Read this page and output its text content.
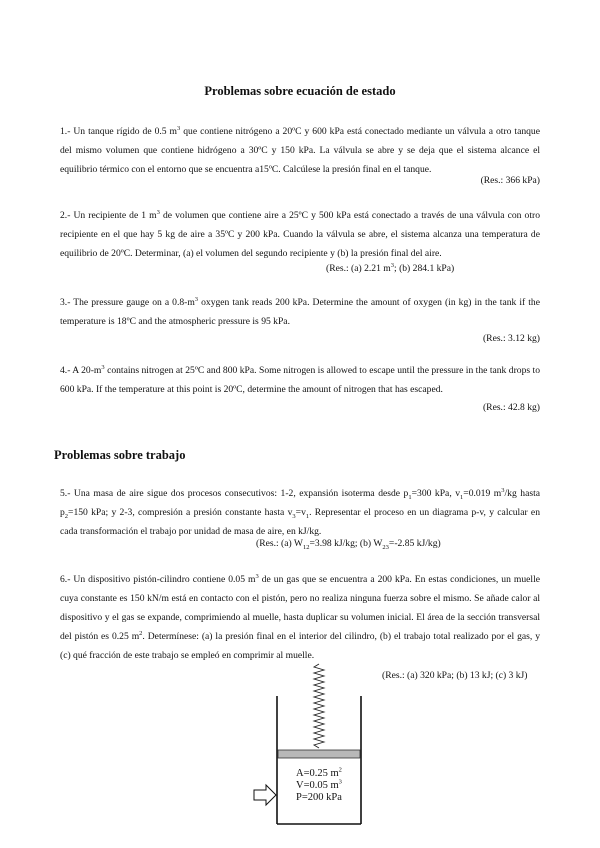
Problemas sobre ecuación de estado
1.- Un tanque rígido de 0.5 $m^3$ que contiene nitrógeno a 20ºC y 600 kPa está conectado mediante un válvula a otro tanque del mismo volumen que contiene hidrógeno a 30ºC y 150 kPa. La válvula se abre y se deja que el sistema alcance el equilibrio térmico con el entorno que se encuentra a15ºC. Calcúlese la presión final en el tanque.
(Res.: 366 kPa)
2.- Un recipiente de 1 $m^3$ de volumen que contiene aire a 25ºC y 500 kPa está conectado a través de una válvula con otro recipiente en el que hay 5 kg de aire a 35ºC y 200 kPa. Cuando la válvula se abre, el sistema alcanza una temperatura de equilibrio de 20ºC. Determinar, (a) el volumen del segundo recipiente y (b) la presión final del aire.
(Res.: (a) 2.21 $m^3$; (b) 284.1 kPa)
3.- The pressure gauge on a $0.8-m^3$ oxygen tank reads 200 kPa. Determine the amount of oxygen (in kg) in the tank if the temperature is 18ºC and the atmospheric pressure is 95 kPa.
(Res.: 3.12 kg)
4.- A $20-m^3$ contains nitrogen at 25ºC and 800 kPa. Some nitrogen is allowed to escape until the pressure in the tank drops to 600 kPa. If the temperature at this point is 20ºC, determine the amount of nitrogen that has escaped.
(Res.: 42.8 kg)
Problemas sobre trabajo
5.- Una masa de aire sigue dos procesos consecutivos: 1-2, expansión isoterma desde $p_1=300$ kPa, $v_1=0.019$ $m^3/kg$ hasta $p_2=150$ kPa; y 2-3, compresión a presión constante hasta $v_3=v_1$. Representar el proceso en un diagrama p-v, y calcular en cada transformación el trabajo por unidad de masa de aire, en kJ/kg.
(Res.: (a) $W_{12}=3.98$ kJ/kg; (b) $W_{23}=-2.85$ kJ/kg)
6.- Un dispositivo pistón-cilindro contiene 0.05 $m^3$ de un gas que se encuentra a 200 kPa. En estas condiciones, un muelle cuya constante es 150 kN/m está en contacto con el pistón, pero no realiza ninguna fuerza sobre el mismo. Se añade calor al dispositivo y el gas se expande, comprimiendo al muelle, hasta duplicar su volumen inicial. El área de la sección transversal del pistón es 0.25 $m^2$. Determínese: (a) la presión final en el interior del cilindro, (b) el trabajo total realizado por el gas, y (c) qué fracción de este trabajo se empleó en comprimir al muelle.
(Res.: (a) 320 kPa; (b) 13 kJ; (c) 3 kJ)
A=0.25 $m^2$
V=0.05 $m^3$
P=200 kPa
